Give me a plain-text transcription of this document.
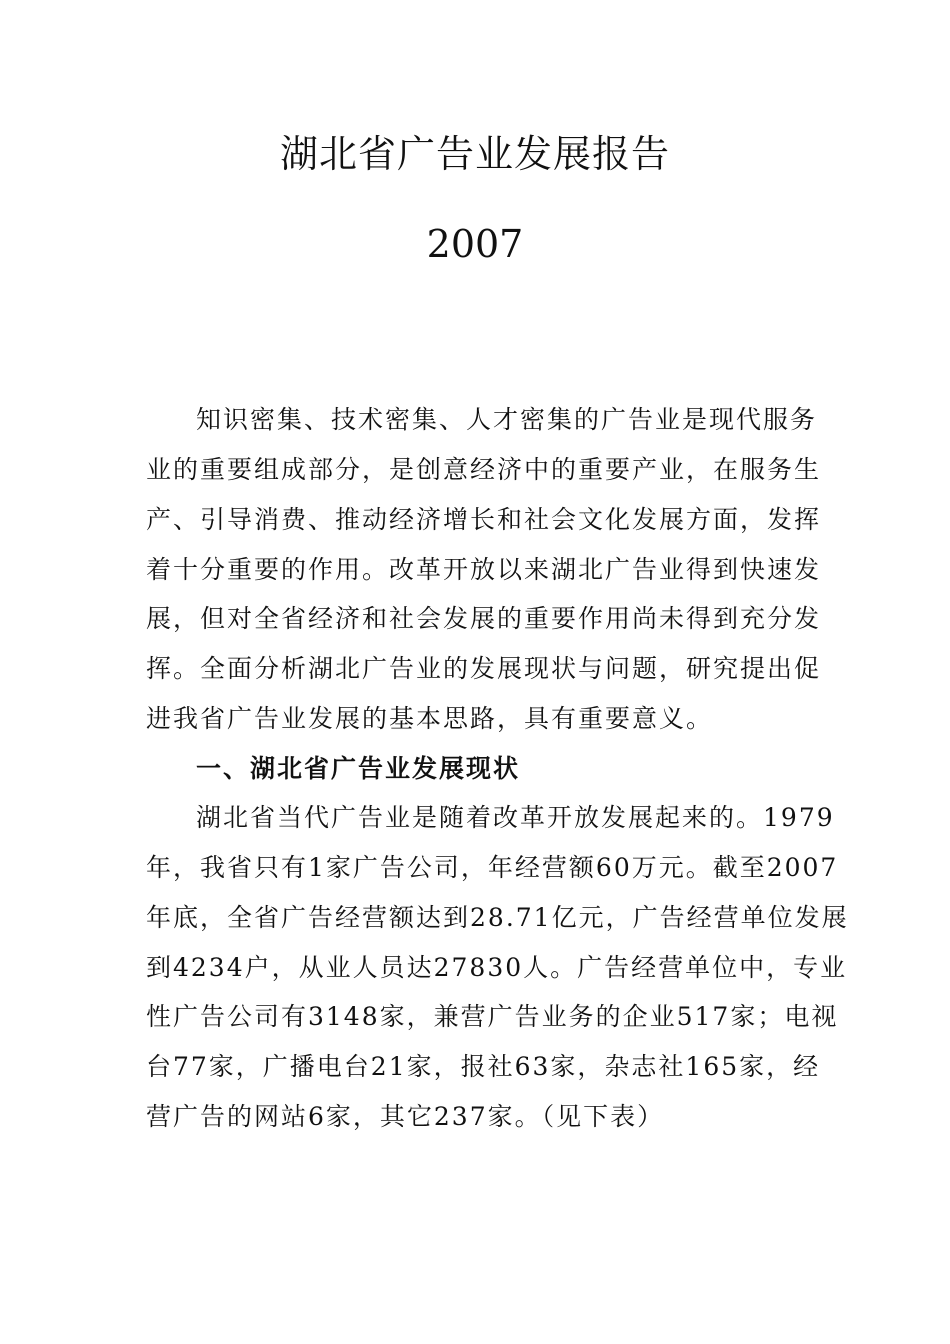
湖北省广告业发展报告
2007
知识密集、技术密集、人才密集的广告业是现代服务
业的重要组成部分，是创意经济中的重要产业，在服务生
产、引导消费、推动经济增长和社会文化发展方面，发挥
着十分重要的作用。改革开放以来湖北广告业得到快速发
展，但对全省经济和社会发展的重要作用尚未得到充分发
挥。全面分析湖北广告业的发展现状与问题，研究提出促
进我省广告业发展的基本思路，具有重要意义。
一、湖北省广告业发展现状
湖北省当代广告业是随着改革开放发展起来的。1979
年，我省只有1家广告公司，年经营额60万元。截至2007
年底，全省广告经营额达到28.71亿元，广告经营单位发展
到4234户，从业人员达27830人。广告经营单位中，专业
性广告公司有3148家，兼营广告业务的企业517家；电视
台77家，广播电台21家，报社63家，杂志社165家，经
营广告的网站6家，其它237家。（见下表）
